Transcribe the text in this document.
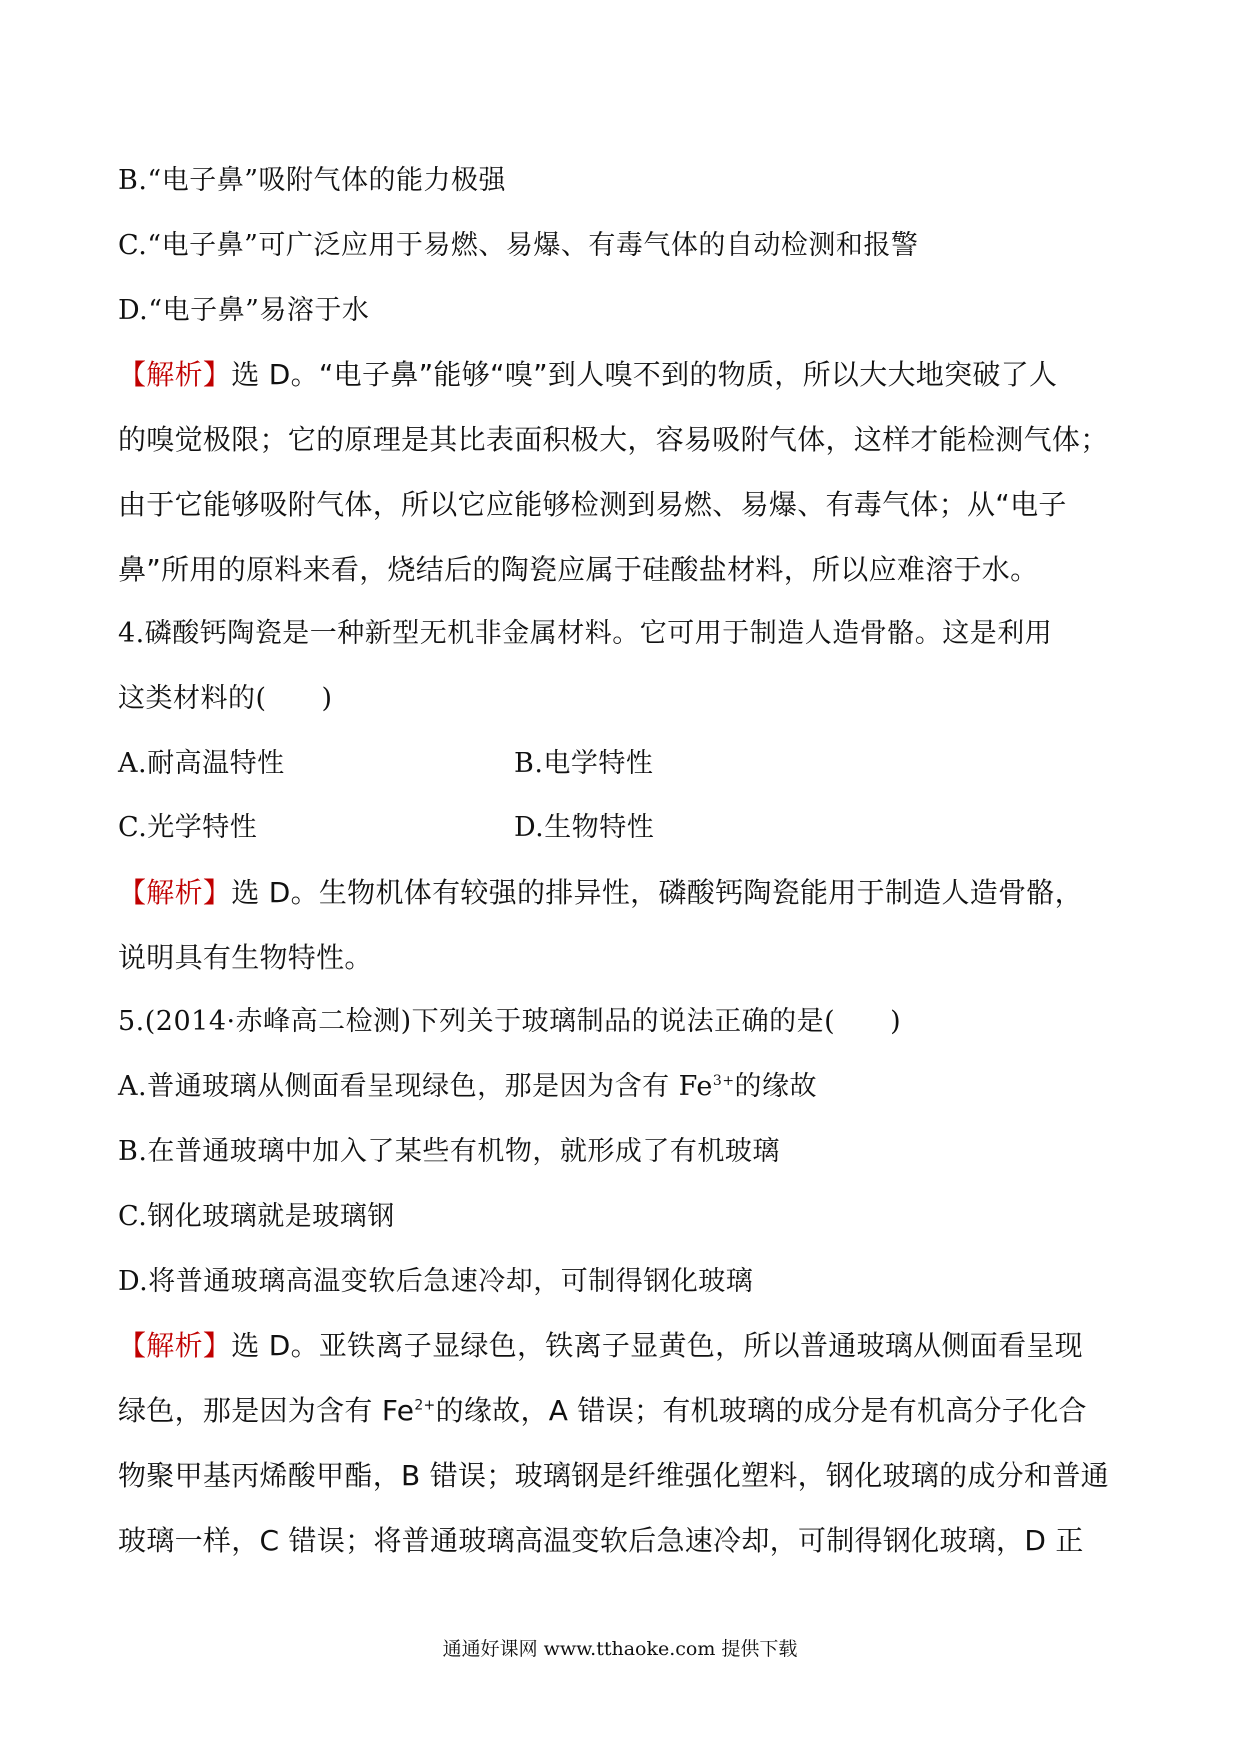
B.“电子鼻”吸附气体的能力极强
C.“电子鼻”可广泛应用于易燃、易爆、有毒气体的自动检测和报警
D.“电子鼻”易溶于水
【解析】选 D。“电子鼻”能够“嗅”到人嗅不到的物质，所以大大地突破了人
的嗅觉极限；它的原理是其比表面积极大，容易吸附气体，这样才能检测气体；
由于它能够吸附气体，所以它应能够检测到易燃、易爆、有毒气体；从“电子
鼻”所用的原料来看，烧结后的陶瓷应属于硅酸盐材料，所以应难溶于水。
4.磷酸钙陶瓷是一种新型无机非金属材料。它可用于制造人造骨骼。这是利用
这类材料的(　　)
A.耐高温特性	B.电学特性
C.光学特性	D.生物特性
【解析】选 D。生物机体有较强的排异性，磷酸钙陶瓷能用于制造人造骨骼，
说明具有生物特性。
5.(2014·赤峰高二检测)下列关于玻璃制品的说法正确的是(　　)
A.普通玻璃从侧面看呈现绿色，那是因为含有 $Fe^{3+}$的缘故
B.在普通玻璃中加入了某些有机物，就形成了有机玻璃
C.钢化玻璃就是玻璃钢
D.将普通玻璃高温变软后急速冷却，可制得钢化玻璃
【解析】选 D。亚铁离子显绿色，铁离子显黄色，所以普通玻璃从侧面看呈现
绿色，那是因为含有 $Fe^{2+}$的缘故，A 错误；有机玻璃的成分是有机高分子化合
物聚甲基丙烯酸甲酯，B 错误；玻璃钢是纤维强化塑料，钢化玻璃的成分和普通
玻璃一样，C 错误；将普通玻璃高温变软后急速冷却，可制得钢化玻璃，D 正
通通好课网 www.tthaoke.com 提供下载
